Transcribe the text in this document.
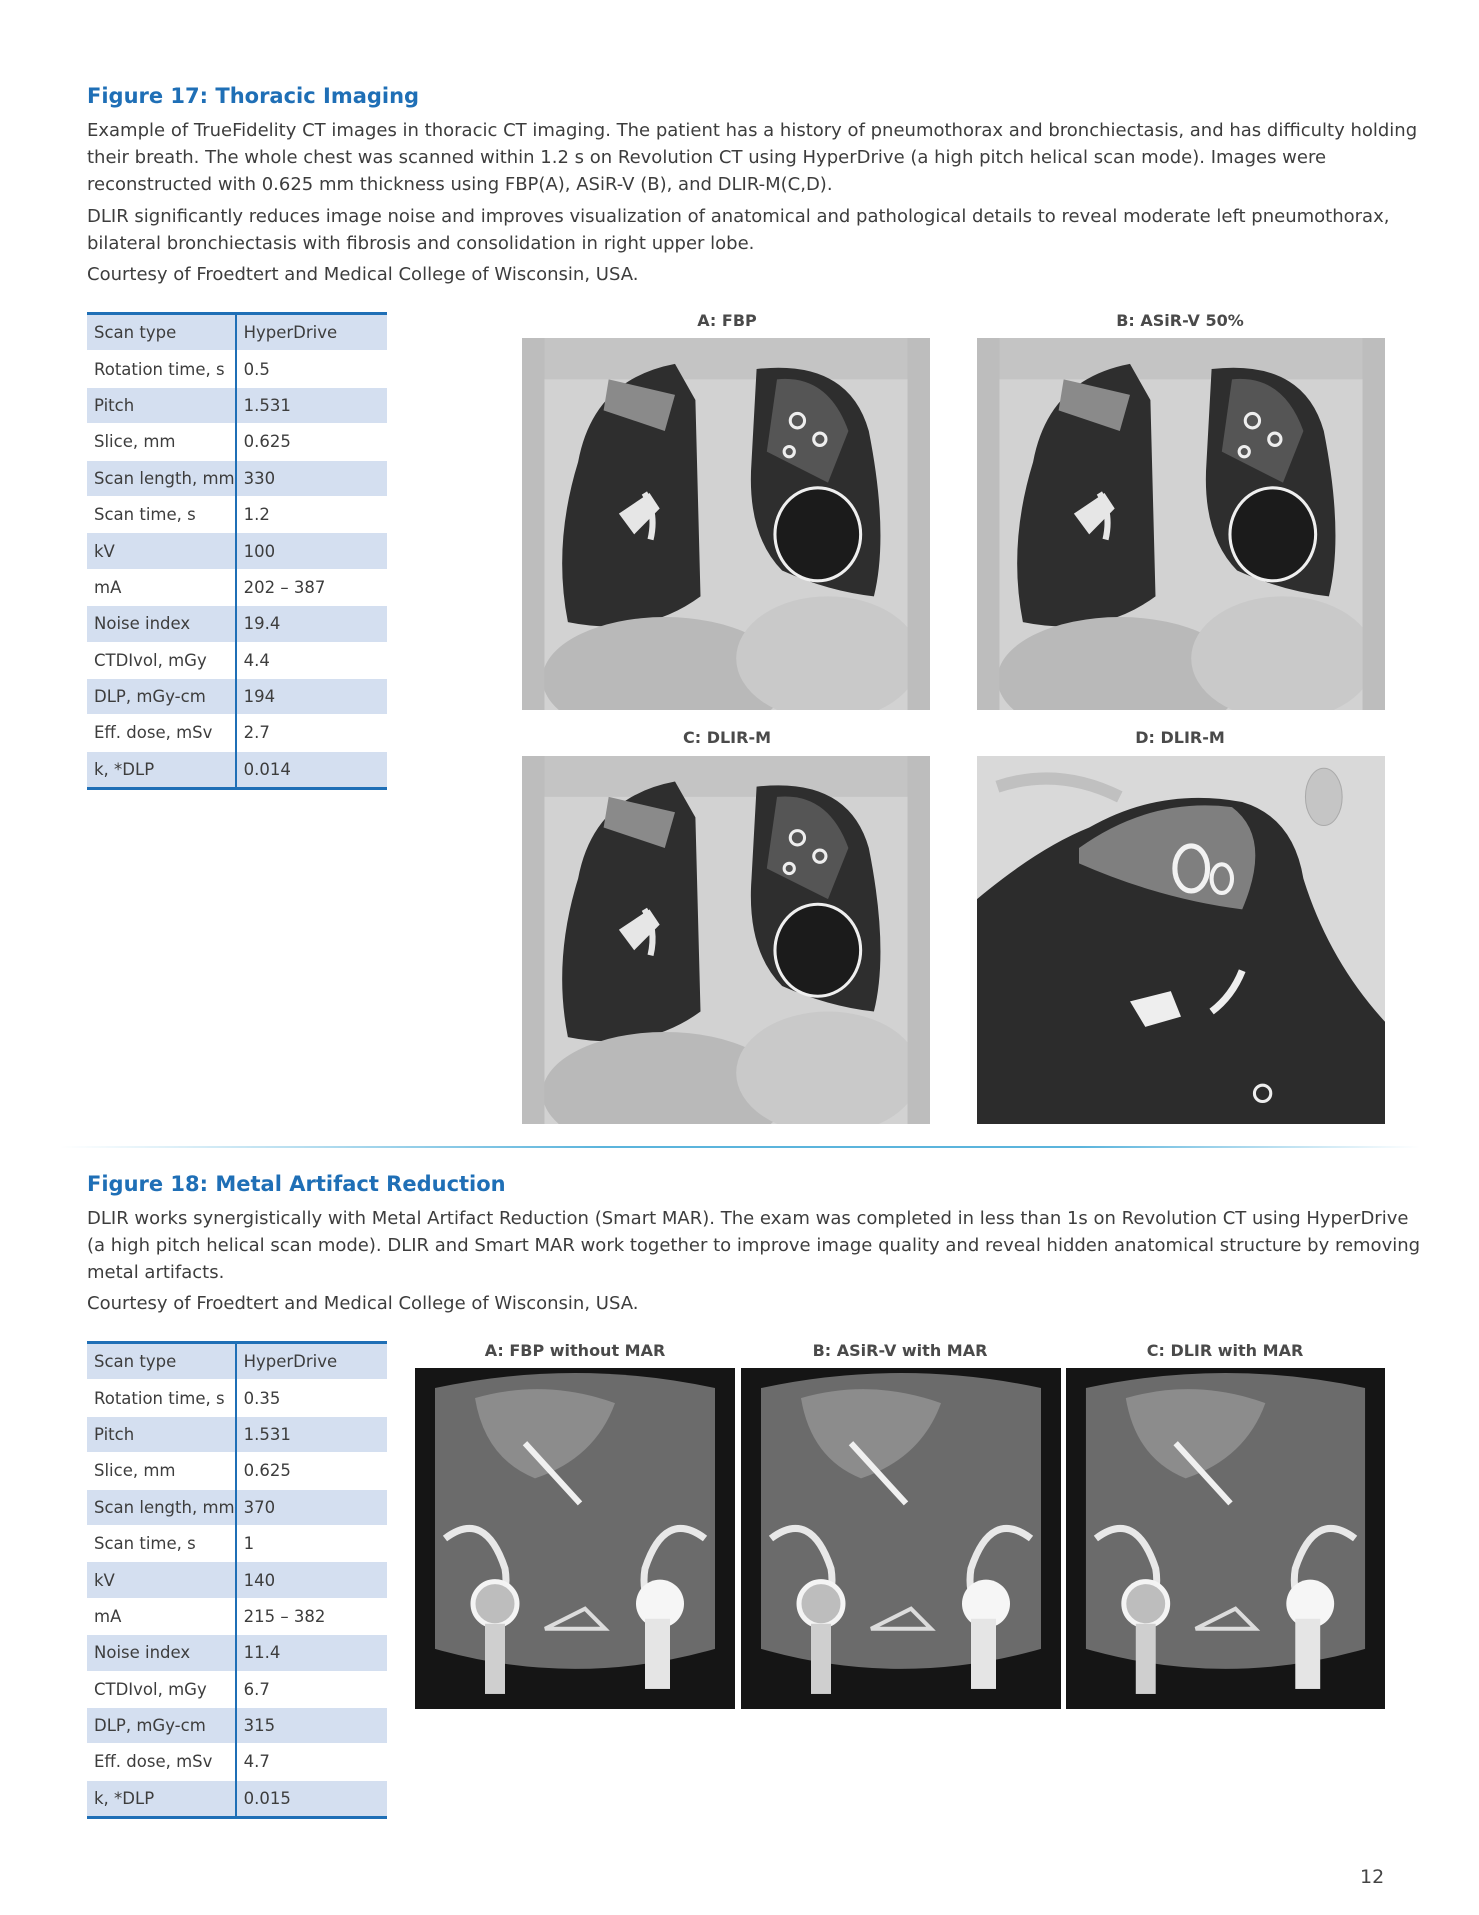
Figure 17: Thoracic Imaging

Example of TrueFidelity CT images in thoracic CT imaging. The patient has a history of pneumothorax and bronchiectasis, and has difficulty holding their breath. The whole chest was scanned within 1.2 s on Revolution CT using HyperDrive (a high pitch helical scan mode). Images were reconstructed with 0.625 mm thickness using FBP(A), ASiR-V (B), and DLIR-M(C,D).

DLIR significantly reduces image noise and improves visualization of anatomical and pathological details to reveal moderate left pneumothorax, bilateral bronchiectasis with fibrosis and consolidation in right upper lobe.

Courtesy of Froedtert and Medical College of Wisconsin, USA.

Scan type	HyperDrive
Rotation time, s	0.5
Pitch	1.531
Slice, mm	0.625
Scan length, mm	330
Scan time, s	1.2
kV	100
mA	202 – 387
Noise index	19.4
CTDIvol, mGy	4.4
DLP, mGy-cm	194
Eff. dose, mSv	2.7
k, *DLP	0.014

A: FBP	B: ASiR-V 50%

C: DLIR-M	D: DLIR-M

Figure 18: Metal Artifact Reduction

DLIR works synergistically with Metal Artifact Reduction (Smart MAR). The exam was completed in less than 1s on Revolution CT using HyperDrive (a high pitch helical scan mode). DLIR and Smart MAR work together to improve image quality and reveal hidden anatomical structure by removing metal artifacts.

Courtesy of Froedtert and Medical College of Wisconsin, USA.

Scan type	HyperDrive
Rotation time, s	0.35
Pitch	1.531
Slice, mm	0.625
Scan length, mm	370
Scan time, s	1
kV	140
mA	215 – 382
Noise index	11.4
CTDIvol, mGy	6.7
DLP, mGy-cm	315
Eff. dose, mSv	4.7
k, *DLP	0.015

A: FBP without MAR	B: ASiR-V with MAR	C: DLIR with MAR

12
